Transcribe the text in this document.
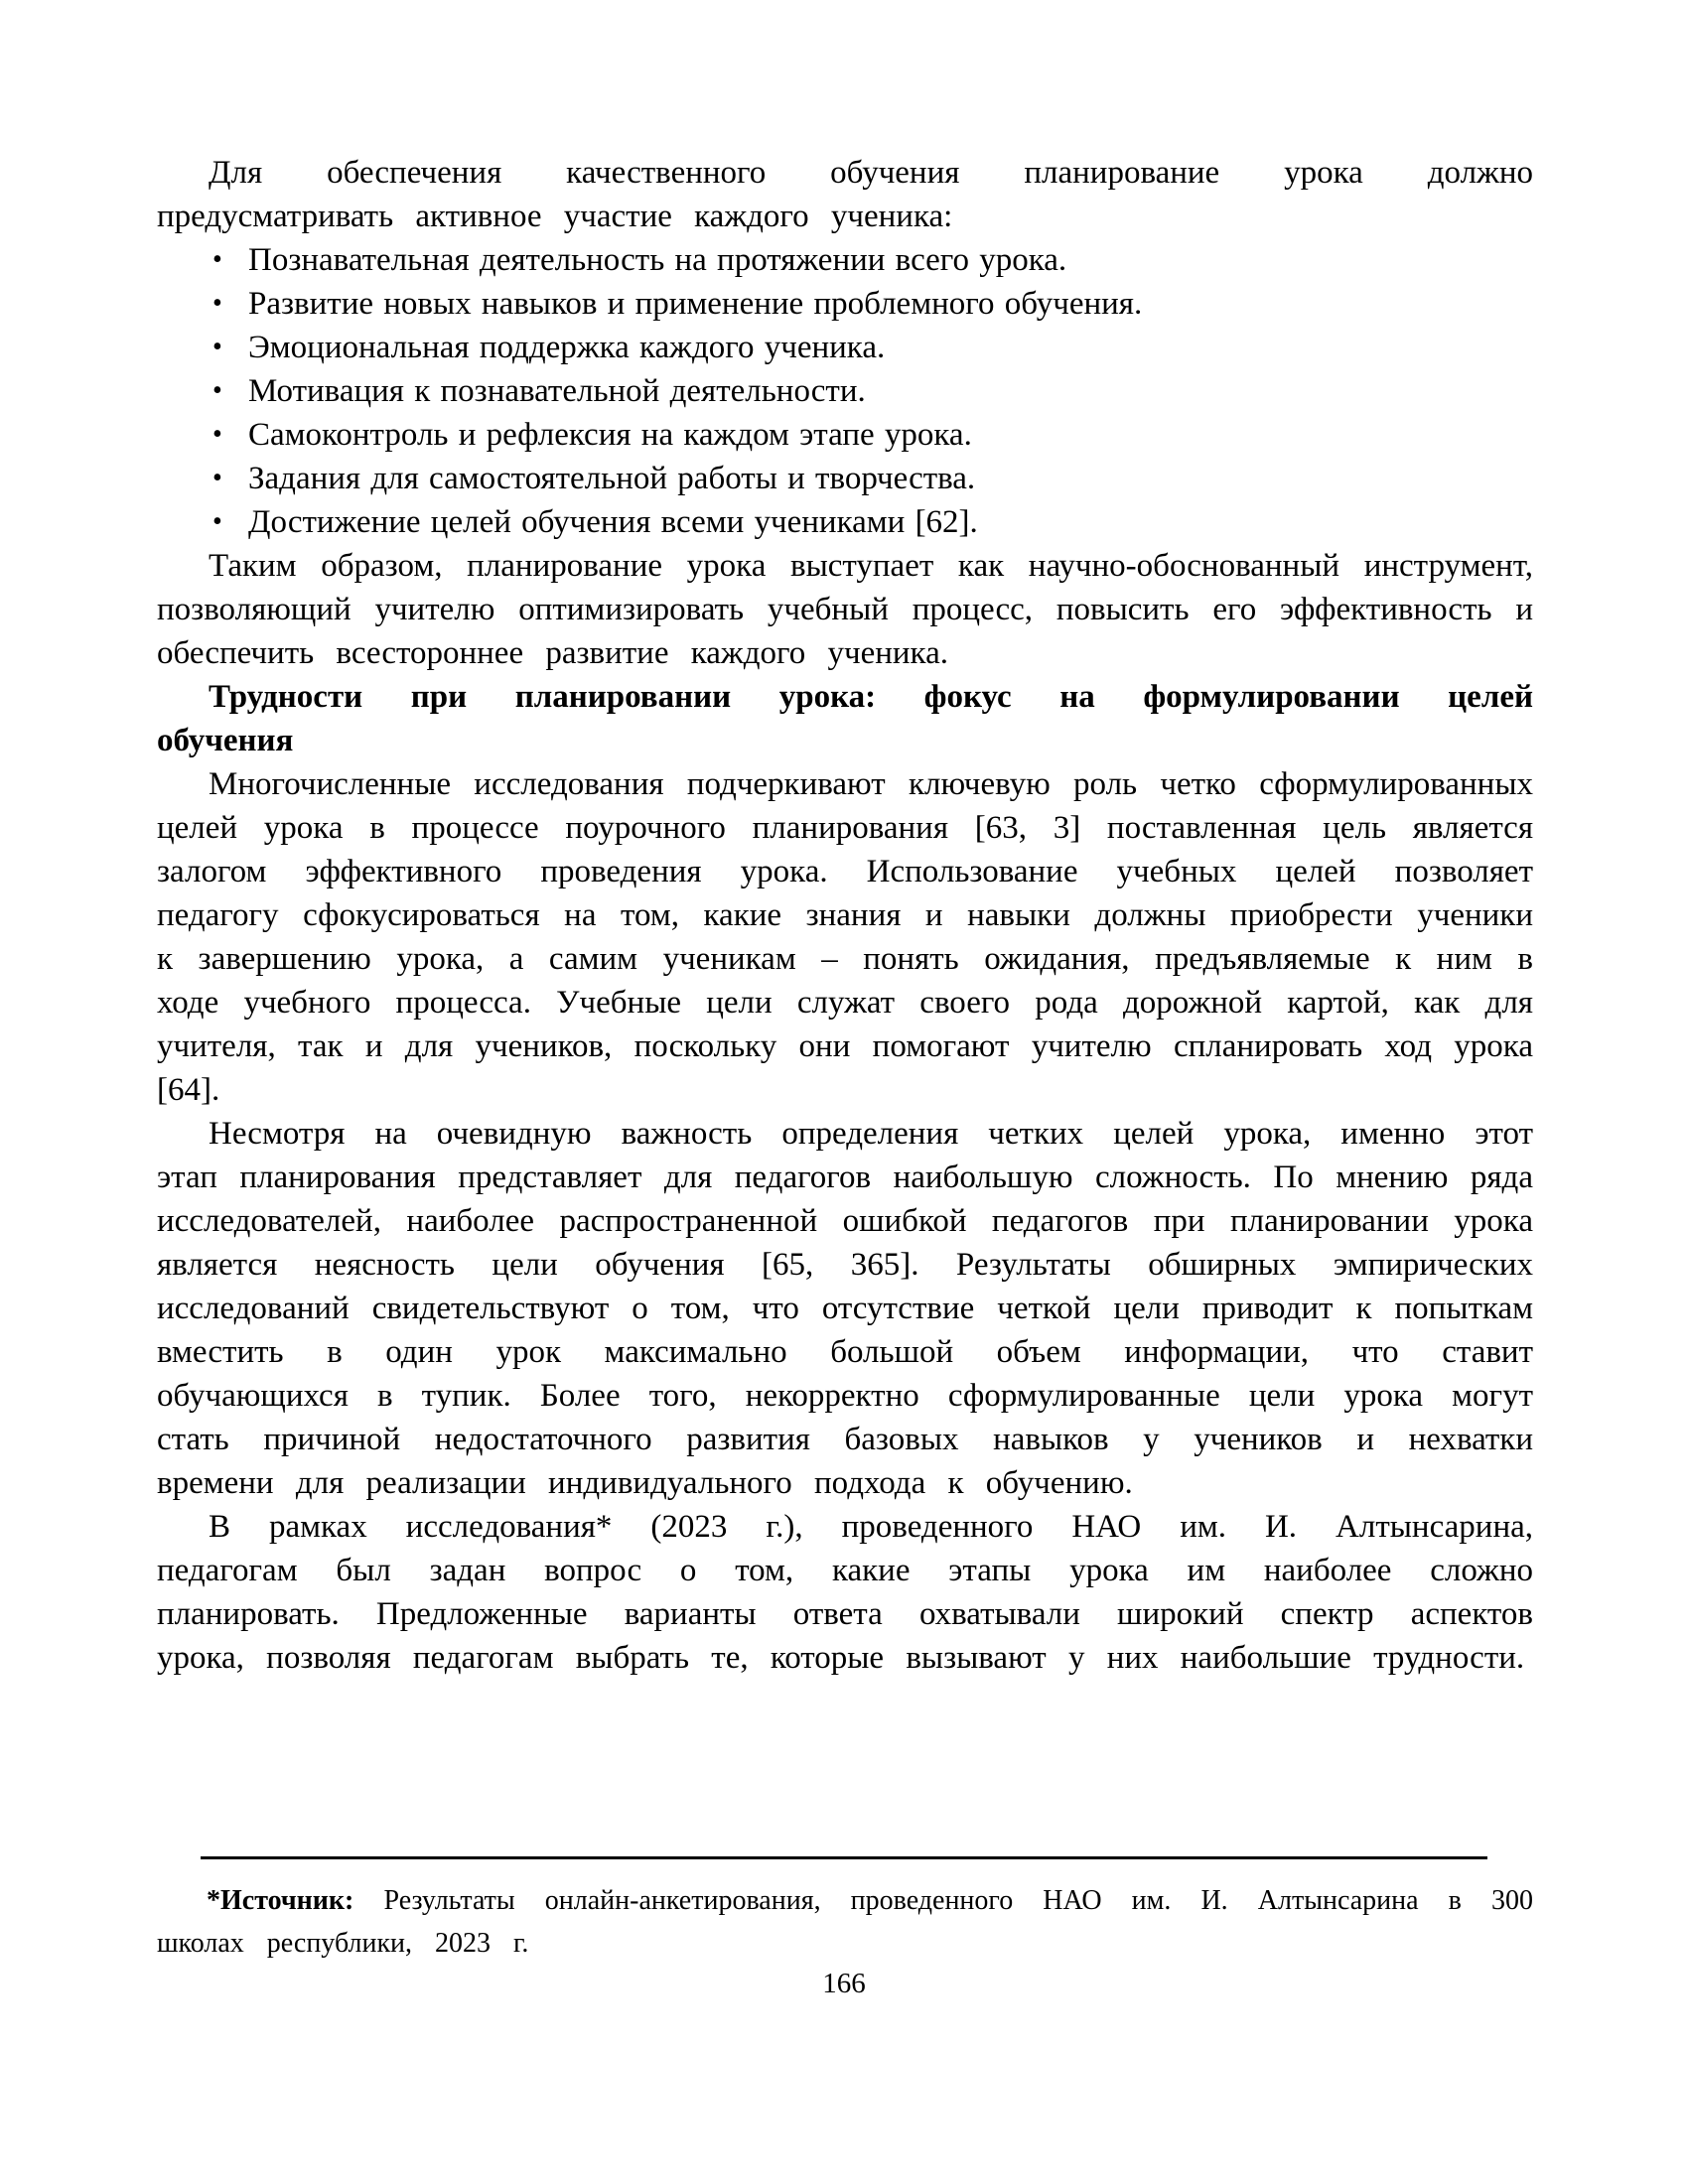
Для обеспечения качественного обучения планирование урока должно предусматривать активное участие каждого ученика:

• Познавательная деятельность на протяжении всего урока.
• Развитие новых навыков и применение проблемного обучения.
• Эмоциональная поддержка каждого ученика.
• Мотивация к познавательной деятельности.
• Самоконтроль и рефлексия на каждом этапе урока.
• Задания для самостоятельной работы и творчества.
• Достижение целей обучения всеми учениками [62].

Таким образом, планирование урока выступает как научно-обоснованный инструмент, позволяющий учителю оптимизировать учебный процесс, повысить его эффективность и обеспечить всестороннее развитие каждого ученика.

Трудности при планировании урока: фокус на формулировании целей обучения

Многочисленные исследования подчеркивают ключевую роль четко сформулированных целей урока в процессе поурочного планирования [63, 3] поставленная цель является залогом эффективного проведения урока. Использование учебных целей позволяет педагогу сфокусироваться на том, какие знания и навыки должны приобрести ученики к завершению урока, а самим ученикам – понять ожидания, предъявляемые к ним в ходе учебного процесса. Учебные цели служат своего рода дорожной картой, как для учителя, так и для учеников, поскольку они помогают учителю спланировать ход урока [64].

Несмотря на очевидную важность определения четких целей урока, именно этот этап планирования представляет для педагогов наибольшую сложность. По мнению ряда исследователей, наиболее распространенной ошибкой педагогов при планировании урока является неясность цели обучения [65, 365]. Результаты обширных эмпирических исследований свидетельствуют о том, что отсутствие четкой цели приводит к попыткам вместить в один урок максимально большой объем информации, что ставит обучающихся в тупик. Более того, некорректно сформулированные цели урока могут стать причиной недостаточного развития базовых навыков у учеников и нехватки времени для реализации индивидуального подхода к обучению.

В рамках исследования* (2023 г.), проведенного НАО им. И. Алтынсарина, педагогам был задан вопрос о том, какие этапы урока им наиболее сложно планировать. Предложенные варианты ответа охватывали широкий спектр аспектов урока, позволяя педагогам выбрать те, которые вызывают у них наибольшие трудности.

*Источник: Результаты онлайн-анкетирования, проведенного НАО им. И. Алтынсарина в 300 школах республики, 2023 г.
166
